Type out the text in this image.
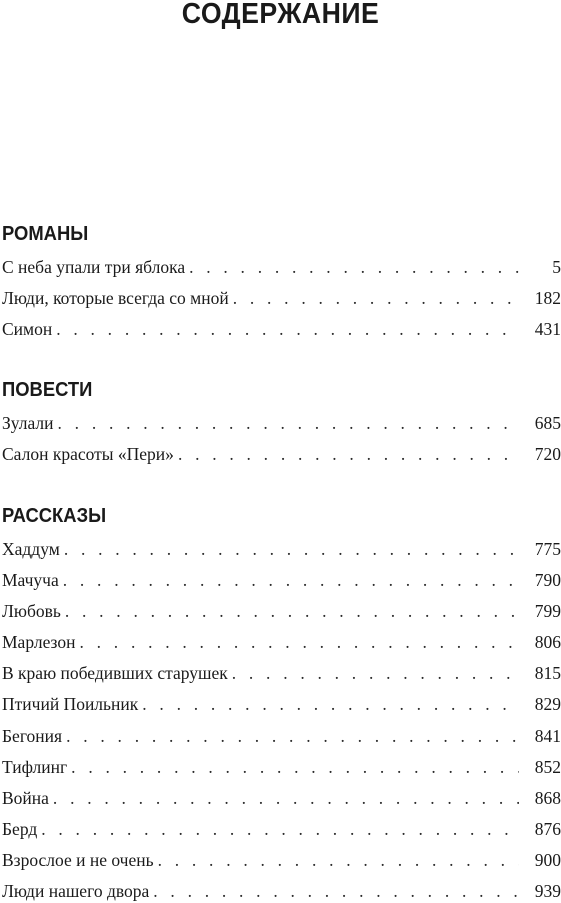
СОДЕРЖАНИЕ
РОМАНЫ
С неба упали три яблока . . .	5
Люди, которые всегда со мной . . .	182
Симон . . .	431
ПОВЕСТИ
Зулали . . .	685
Салон красоты «Пери» . . .	720
РАССКАЗЫ
Хаддум . . .	775
Мачуча . . .	790
Любовь . . .	799
Марлезон . . .	806
В краю победивших старушек . . .	815
Птичий Поильник . . .	829
Бегония . . .	841
Тифлинг . . .	852
Война . . .	868
Берд . . .	876
Взрослое и не очень . . .	900
Люди нашего двора . . .	939
